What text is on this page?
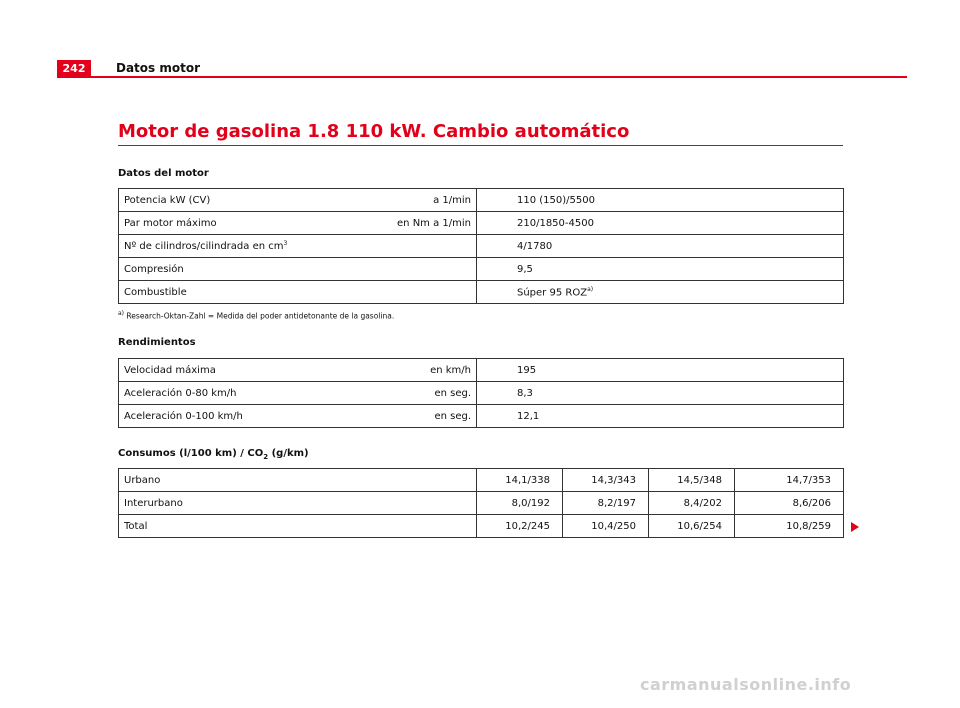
242	Datos motor
Motor de gasolina 1.8 110 kW. Cambio automático
Datos del motor
Potencia kW (CV) a 1/min	110 (150)/5500
Par motor máximo en Nm a 1/min	210/1850-4500
Nº de cilindros/cilindrada en $cm^3$	4/1780
Compresión	9,5
Combustible	Súper 95 ROZ$^{a)}$
$^{a)}$ Research-Oktan-Zahl = Medida del poder antidetonante de la gasolina.
Rendimientos
Velocidad máxima en km/h	195
Aceleración 0-80 km/h en seg.	8,3
Aceleración 0-100 km/h en seg.	12,1
Consumos (l/100 $km) / CO_2$ (g/km)
Urbano	14,1/338	14,3/343	14,5/348	14,7/353
Interurbano	8,0/192	8,2/197	8,4/202	8,6/206
Total	10,2/245	10,4/250	10,6/254	10,8/259
carmanualsonline.info
